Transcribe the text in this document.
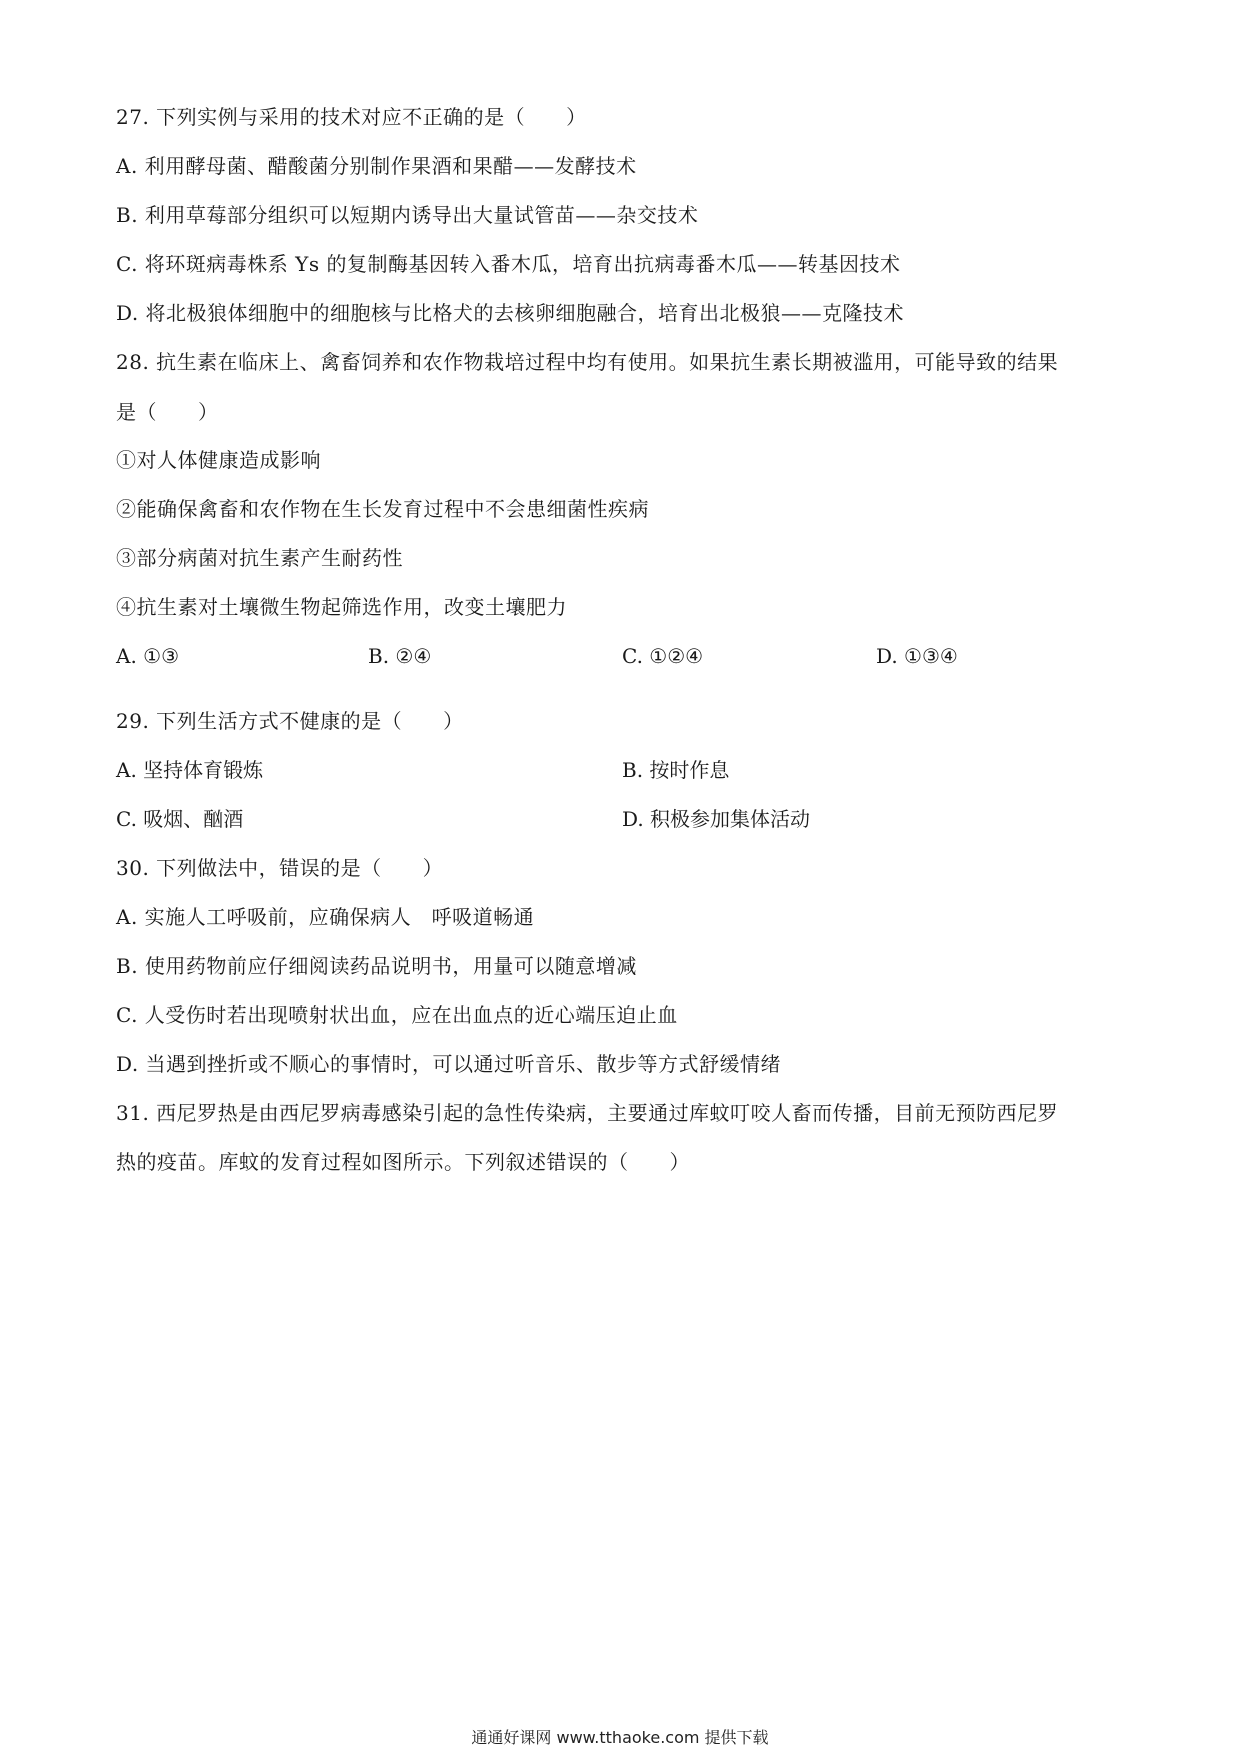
27. 下列实例与采用的技术对应不正确的是（　　）
A. 利用酵母菌、醋酸菌分别制作果酒和果醋——发酵技术
B. 利用草莓部分组织可以短期内诱导出大量试管苗——杂交技术
C. 将环斑病毒株系 Ys 的复制酶基因转入番木瓜，培育出抗病毒番木瓜——转基因技术
D. 将北极狼体细胞中的细胞核与比格犬的去核卵细胞融合，培育出北极狼——克隆技术
28. 抗生素在临床上、禽畜饲养和农作物栽培过程中均有使用。如果抗生素长期被滥用，可能导致的结果
是（　　）
①对人体健康造成影响
②能确保禽畜和农作物在生长发育过程中不会患细菌性疾病
③部分病菌对抗生素产生耐药性
④抗生素对土壤微生物起筛选作用，改变土壤肥力
A. ①③	B. ②④	C. ①②④	D. ①③④
29. 下列生活方式不健康的是（　　）
A. 坚持体育锻炼	B. 按时作息
C. 吸烟、酗酒	D. 积极参加集体活动
30. 下列做法中，错误的是（　　）
A. 实施人工呼吸前，应确保病人　呼吸道畅通
B. 使用药物前应仔细阅读药品说明书，用量可以随意增减
C. 人受伤时若出现喷射状出血，应在出血点的近心端压迫止血
D. 当遇到挫折或不顺心的事情时，可以通过听音乐、散步等方式舒缓情绪
31. 西尼罗热是由西尼罗病毒感染引起的急性传染病，主要通过库蚊叮咬人畜而传播，目前无预防西尼罗
热的疫苗。库蚊的发育过程如图所示。下列叙述错误的（　　）
通通好课网 www.tthaoke.com 提供下载
